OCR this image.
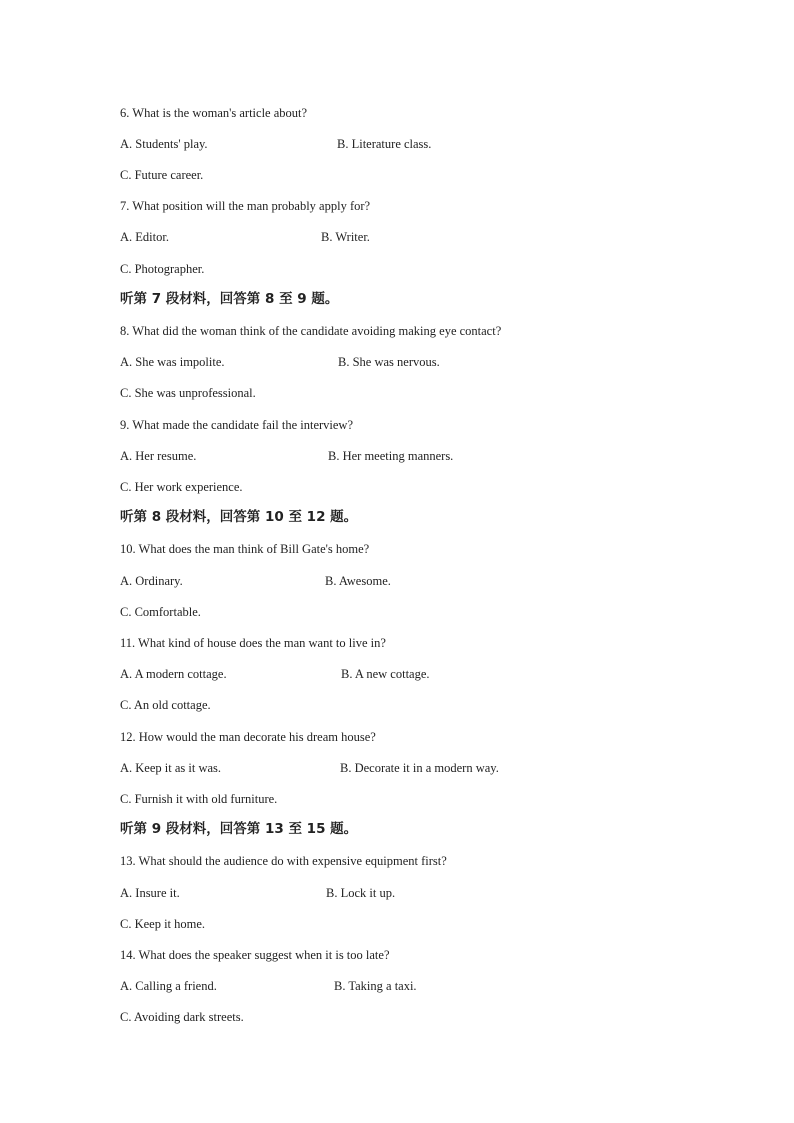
6. What is the woman's article about?
A. Students' play.	B. Literature class.
C. Future career.
7. What position will the man probably apply for?
A. Editor.	B. Writer.
C. Photographer.
听第 7 段材料，回答第 8 至 9 题。
8. What did the woman think of the candidate avoiding making eye contact?
A. She was impolite.	B. She was nervous.
C. She was unprofessional.
9. What made the candidate fail the interview?
A. Her resume.	B. Her meeting manners.
C. Her work experience.
听第 8 段材料，回答第 10 至 12 题。
10. What does the man think of Bill Gate's home?
A. Ordinary.	B. Awesome.
C. Comfortable.
11. What kind of house does the man want to live in?
A. A modern cottage.	B. A new cottage.
C. An old cottage.
12. How would the man decorate his dream house?
A. Keep it as it was.	B. Decorate it in a modern way.
C. Furnish it with old furniture.
听第 9 段材料，回答第 13 至 15 题。
13. What should the audience do with expensive equipment first?
A. Insure it.	B. Lock it up.
C. Keep it home.
14. What does the speaker suggest when it is too late?
A. Calling a friend.	B. Taking a taxi.
C. Avoiding dark streets.
